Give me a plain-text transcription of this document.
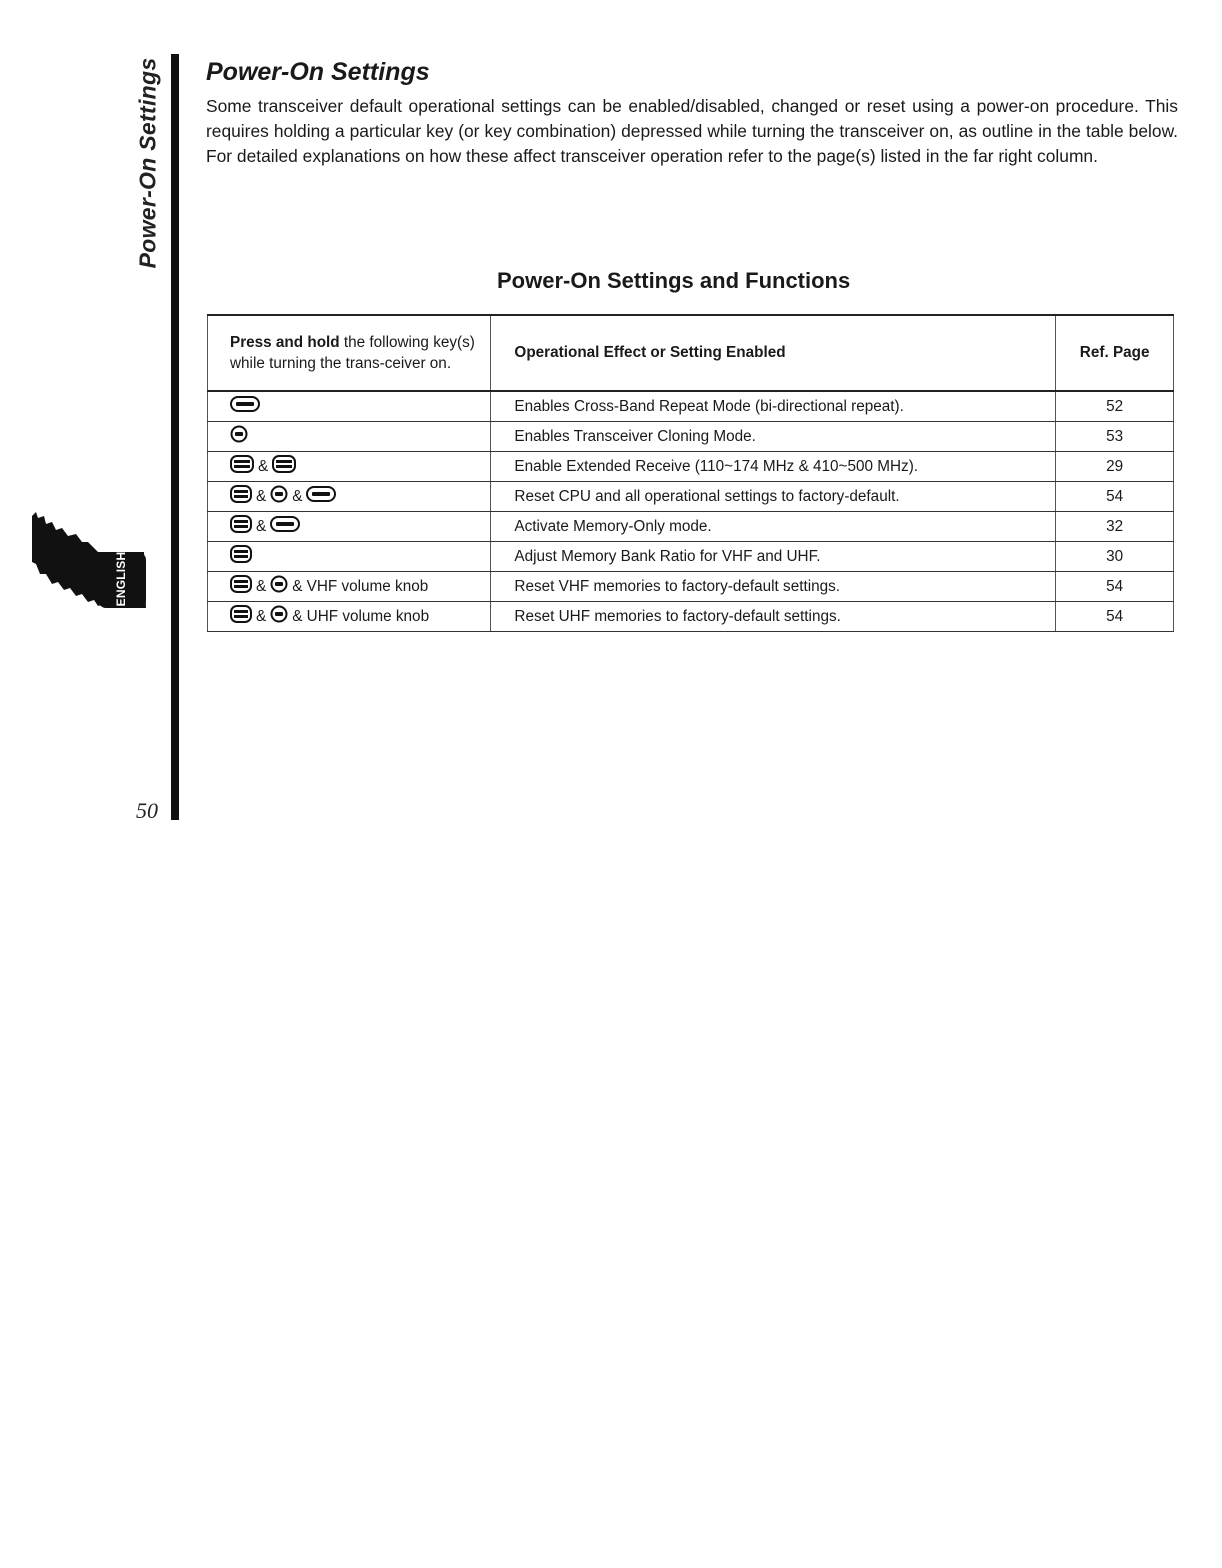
Power-On Settings
50
ENGLISH
Power-On Settings

Some transceiver default operational settings can be enabled/disabled, changed or reset using a power-on procedure. This requires holding a particular key (or key combination) depressed while turning the transceiver on, as outline in the table below. For detailed explanations on how these affect transceiver operation refer to the page(s) listed in the far right column.

Power-On Settings and Functions
Press and hold the following key(s) while turning the trans-ceiver on.	Operational Effect or Setting Enabled	Ref. Page

	Enables Cross-Band Repeat Mode (bi-directional repeat).	52

	Enables Transceiver Cloning Mode.	53

&	Enable Extended Receive (110~174 MHz & 410~500 MHz).	29

& &	Reset CPU and all operational settings to factory-default.	54

&	Activate Memory-Only mode.	32

	Adjust Memory Bank Ratio for VHF and UHF.	30

& & VHF volume knob	Reset VHF memories to factory-default settings.	54

& & UHF volume knob	Reset UHF memories to factory-default settings.	54
